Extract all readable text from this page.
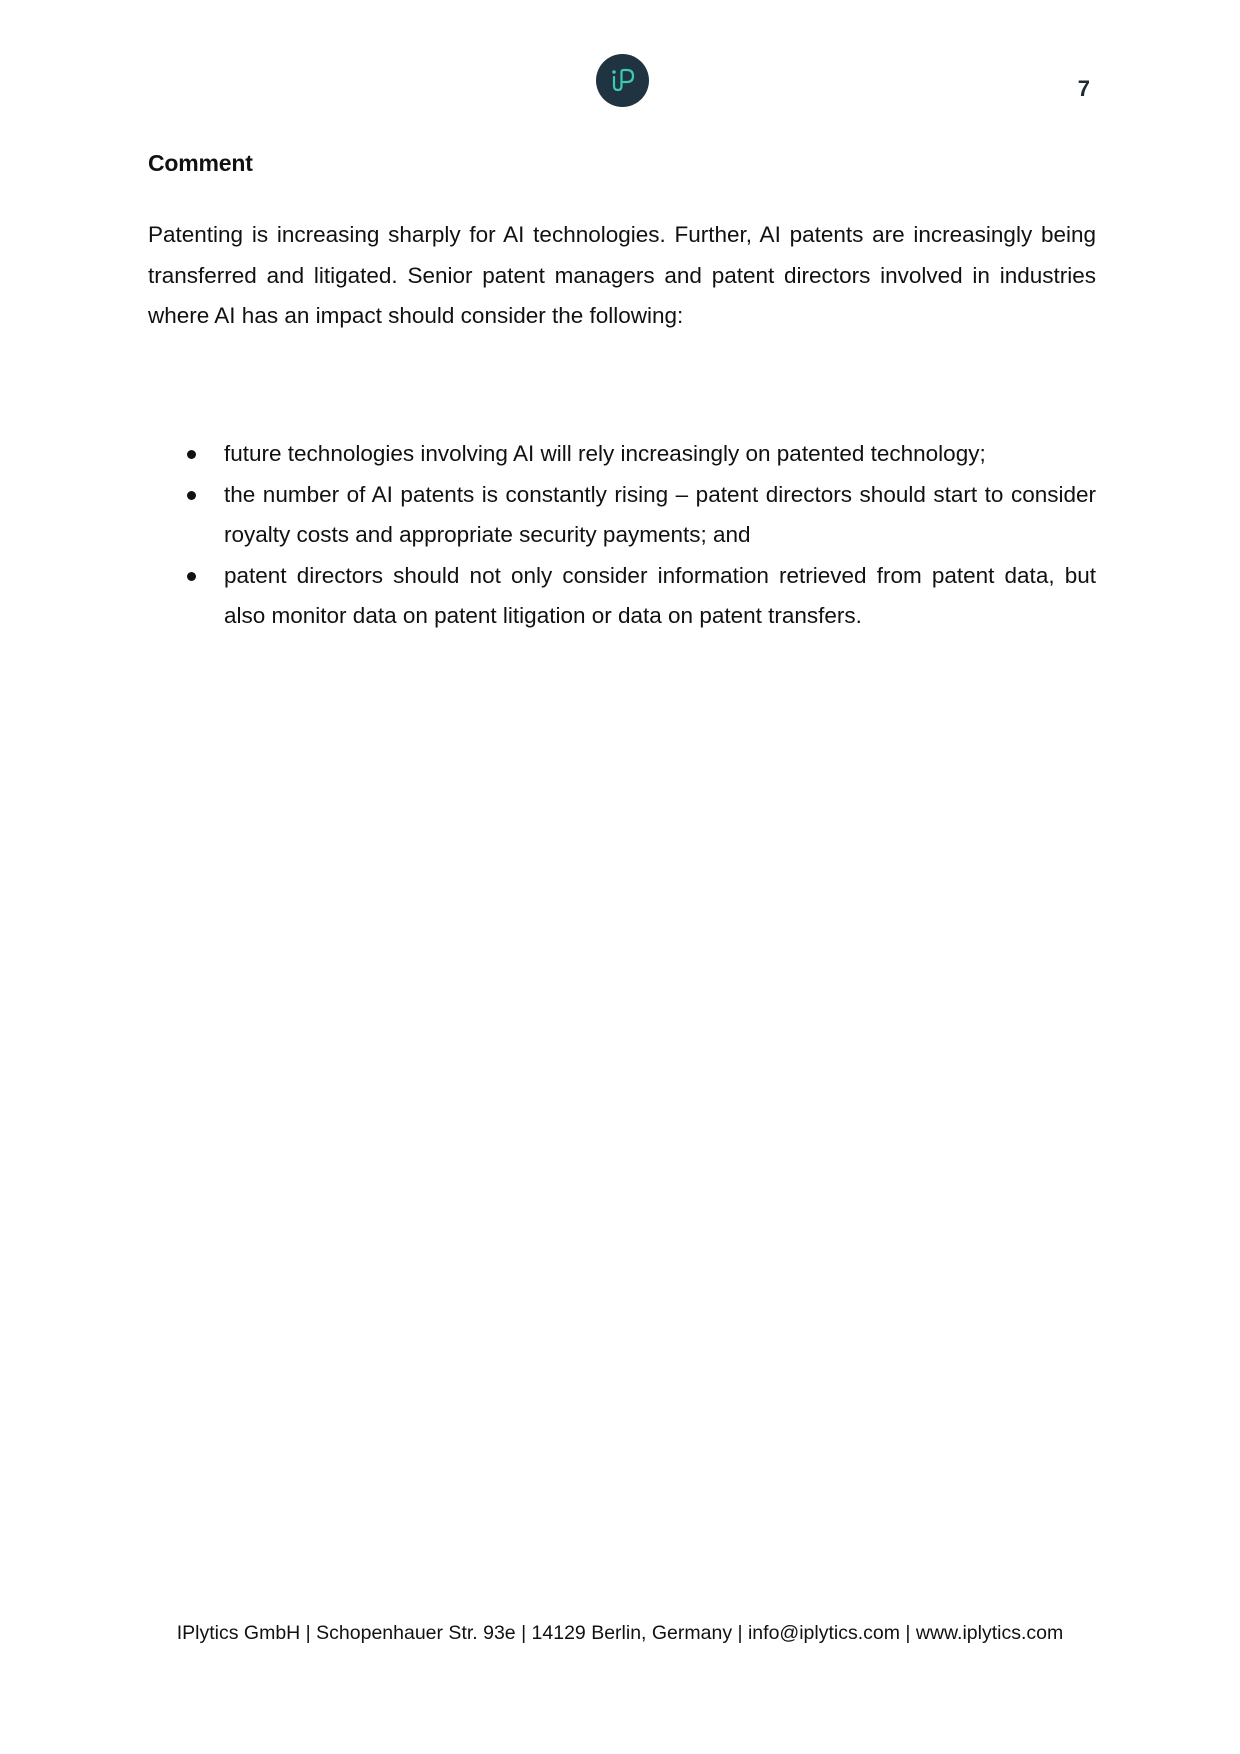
7
Comment

Patenting is increasing sharply for AI technologies. Further, AI patents are increasingly being transferred and litigated. Senior patent managers and patent directors involved in industries where AI has an impact should consider the following:

future technologies involving AI will rely increasingly on patented technology;
the number of AI patents is constantly rising – patent directors should start to consider royalty costs and appropriate security payments; and
patent directors should not only consider information retrieved from patent data, but also monitor data on patent litigation or data on patent transfers.

IPlytics GmbH | Schopenhauer Str. 93e | 14129 Berlin, Germany | info@iplytics.com | www.iplytics.com
